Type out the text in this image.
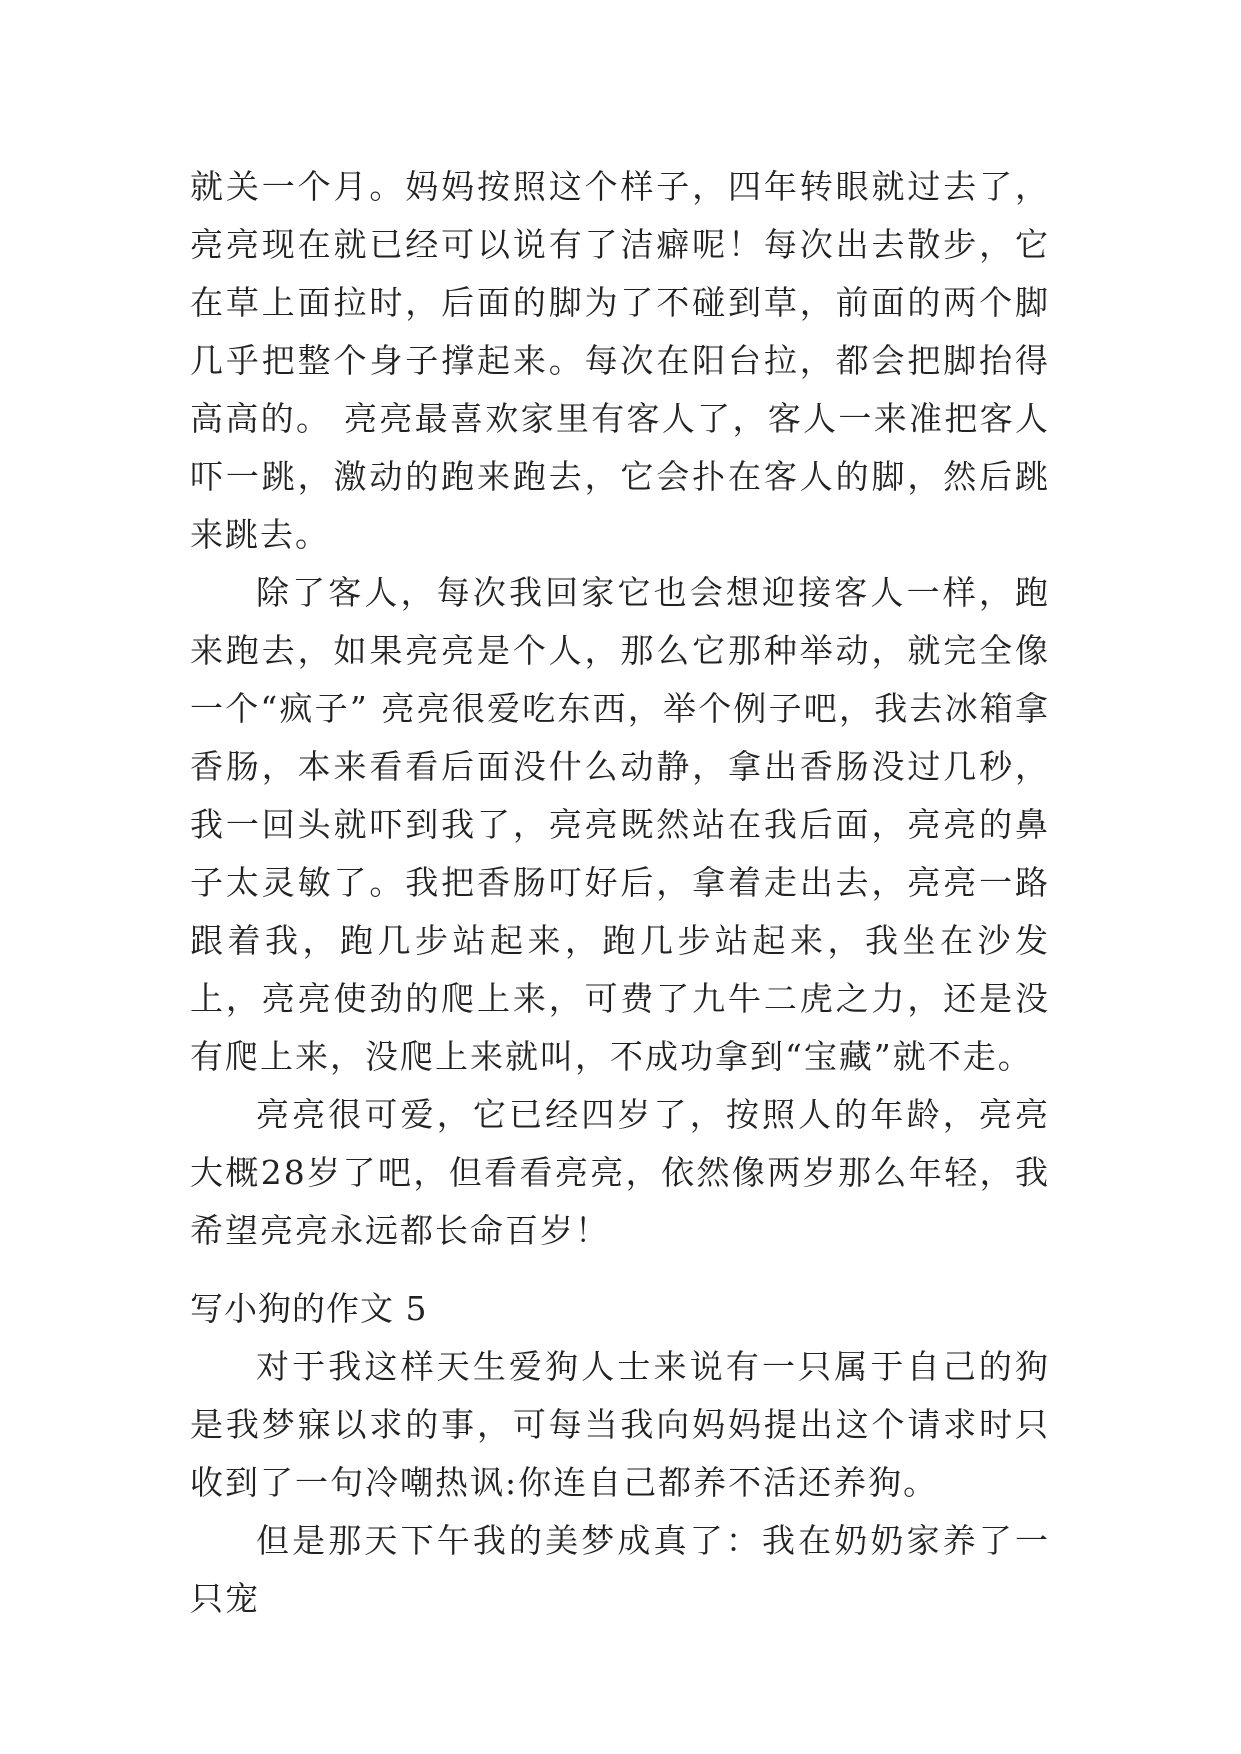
就关一个月。妈妈按照这个样子，四年转眼就过去了，亮亮现在就已经可以说有了洁癖呢！每次出去散步，它在草上面拉时，后面的脚为了不碰到草，前面的两个脚几乎把整个身子撑起来。每次在阳台拉，都会把脚抬得高高的。 亮亮最喜欢家里有客人了，客人一来准把客人吓一跳，激动的跑来跑去，它会扑在客人的脚，然后跳来跳去。

除了客人，每次我回家它也会想迎接客人一样，跑来跑去，如果亮亮是个人，那么它那种举动，就完全像一个“疯子” 亮亮很爱吃东西，举个例子吧，我去冰箱拿香肠，本来看看后面没什么动静，拿出香肠没过几秒，我一回头就吓到我了，亮亮既然站在我后面，亮亮的鼻子太灵敏了。我把香肠叮好后，拿着走出去，亮亮一路跟着我，跑几步站起来，跑几步站起来，我坐在沙发上，亮亮使劲的爬上来，可费了九牛二虎之力，还是没有爬上来，没爬上来就叫，不成功拿到“宝藏”就不走。

亮亮很可爱，它已经四岁了，按照人的年龄，亮亮大概28岁了吧，但看看亮亮，依然像两岁那么年轻，我希望亮亮永远都长命百岁！

写小狗的作文 5

对于我这样天生爱狗人士来说有一只属于自己的狗是我梦寐以求的事，可每当我向妈妈提出这个请求时只收到了一句冷嘲热讽:你连自己都养不活还养狗。

但是那天下午我的美梦成真了：我在奶奶家养了一只宠
